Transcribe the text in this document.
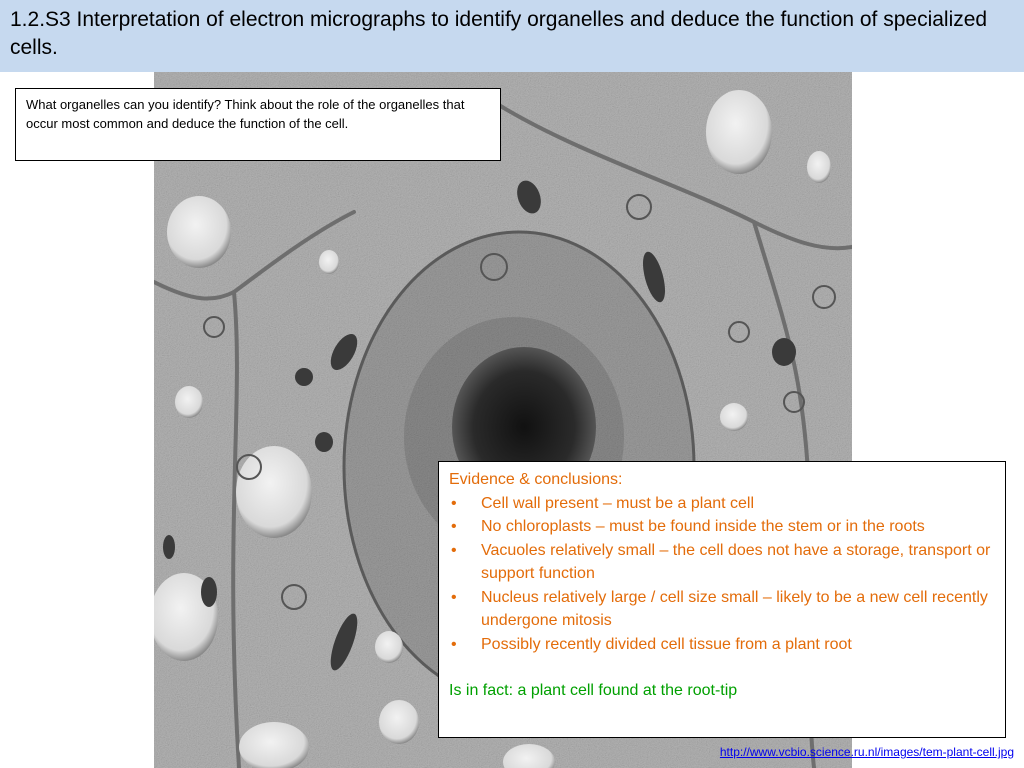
1.2.S3 Interpretation of electron micrographs to identify organelles and deduce the function of specialized cells.
What organelles can you identify? Think about the role of the organelles that occur most common and deduce the function of the cell.

Evidence & conclusions:

• Cell wall present – must be a plant cell
• No chloroplasts – must be found inside the stem or in the roots
• Vacuoles relatively small – the cell does not have a storage, transport or support function
• Nucleus relatively large / cell size small – likely to be a new cell recently undergone mitosis
• Possibly recently divided cell tissue from a plant root

Is in fact: a plant cell found at the root-tip

http://www.vcbio.science.ru.nl/images/tem-plant-cell.jpg
